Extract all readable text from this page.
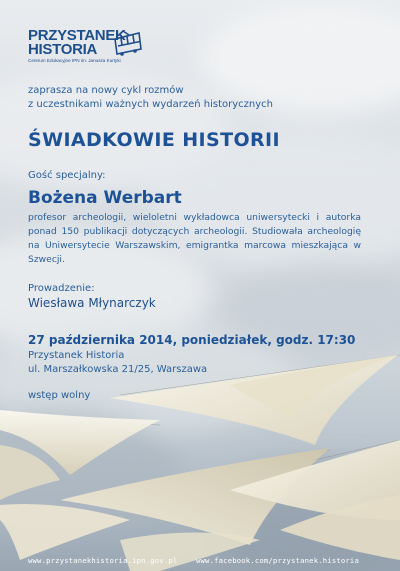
PRZYSTANEK
HISTORIA
Centrum Edukacyjne IPN im. Janusza Kurtyki
zaprasza na nowy cykl rozmów
z uczestnikami ważnych wydarzeń historycznych
ŚWIADKOWIE HISTORII
Gość specjalny:
Bożena Werbart
profesor archeologii, wieloletni wykładowca uniwersytecki i autorka ponad 150 publikacji dotyczących archeologii. Studiowała archeologię na Uniwersytecie Warszawskim, emigrantka marcowa mieszkająca w Szwecji.
Prowadzenie:
Wiesława Młynarczyk
27 października 2014, poniedziałek, godz. 17:30
Przystanek Historia
ul. Marszałkowska 21/25, Warszawa
wstęp wolny
www.przystanekhistoria.ipn.gov.pl	www.facebook.com/przystanek.historia
